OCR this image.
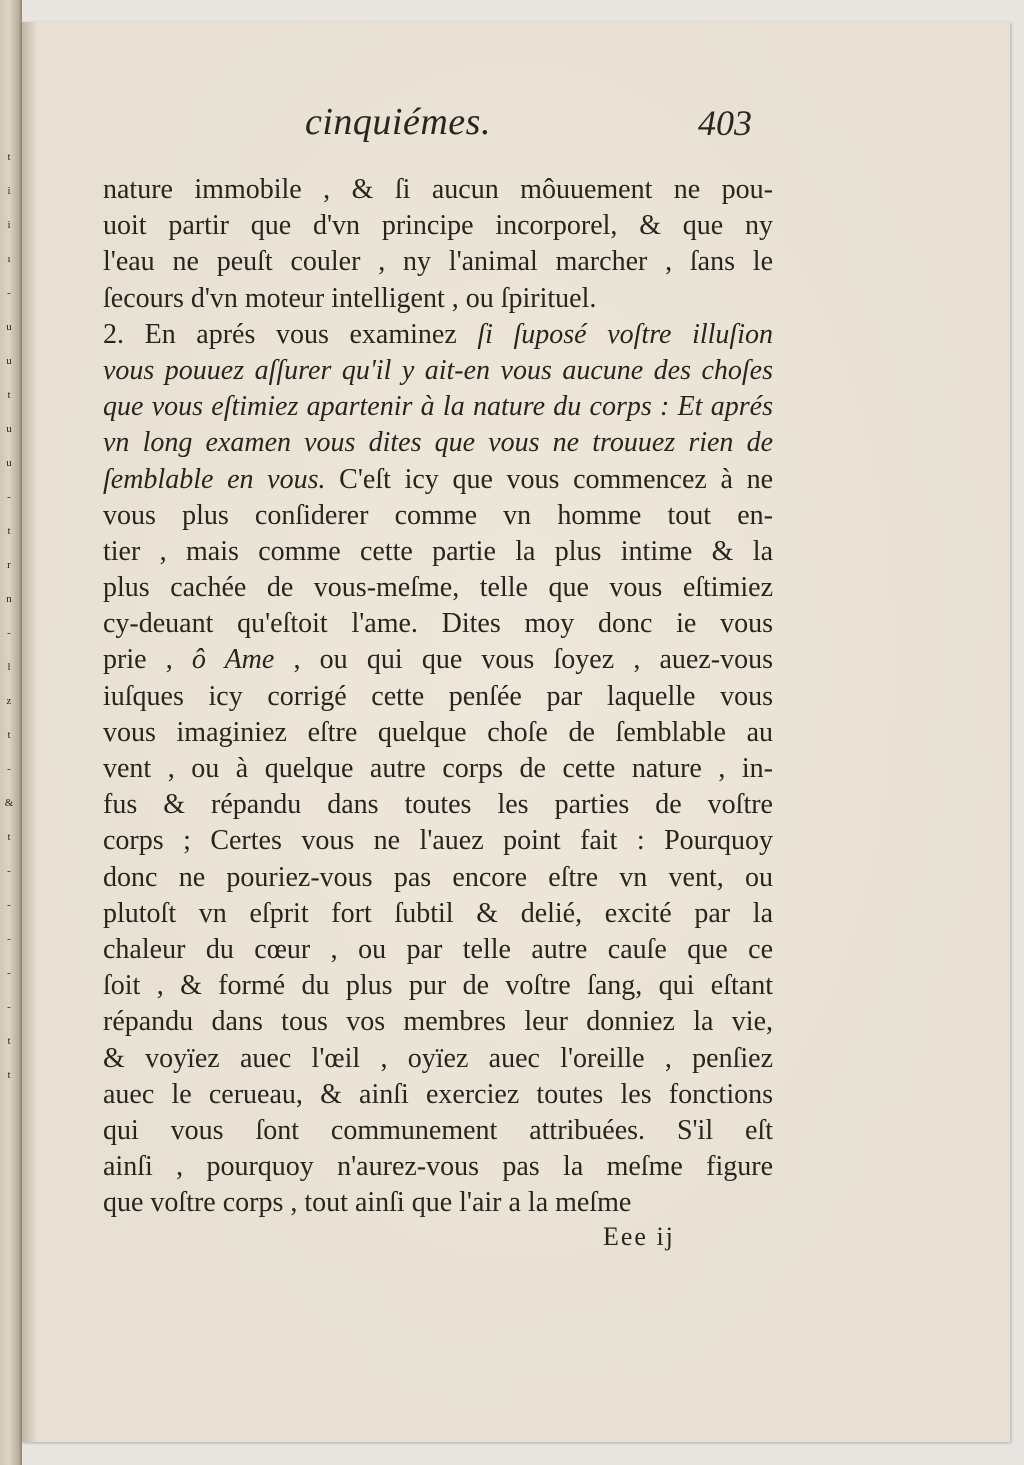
t
i
ì
ı
-
u
u
t
u
u
-
t
r
n
-
l
z
t
-
&
t
-
-
-
-
-
t
t
cinquiémes.	403
nature immobile , & ſi aucun môuuement ne pou-
uoit partir que d'vn principe incorporel, & que ny
l'eau ne peuſt couler , ny l'animal marcher , ſans le
ſecours d'vn moteur intelligent , ou ſpirituel.
2. En aprés vous examinez ſi ſuposé voſtre illuſion
vous pouuez aſſurer qu'il y ait-en vous aucune des choſes
que vous eſtimiez apartenir à la nature du corps : Et aprés
vn long examen vous dites que vous ne trouuez rien de
ſemblable en vous. C'eſt icy que vous commencez à ne
vous plus conſiderer comme vn homme tout en-
tier , mais comme cette partie la plus intime & la
plus cachée de vous-meſme, telle que vous eſtimiez
cy-deuant qu'eſtoit l'ame. Dites moy donc ie vous
prie , ô Ame , ou qui que vous ſoyez , auez-vous
iuſques icy corrigé cette penſée par laquelle vous
vous imaginiez eſtre quelque choſe de ſemblable au
vent , ou à quelque autre corps de cette nature , in-
fus & répandu dans toutes les parties de voſtre
corps ; Certes vous ne l'auez point fait : Pourquoy
donc ne pouriez-vous pas encore eſtre vn vent, ou
plutoſt vn eſprit fort ſubtil & delié, excité par la
chaleur du cœur , ou par telle autre cauſe que ce
ſoit , & formé du plus pur de voſtre ſang, qui eſtant
répandu dans tous vos membres leur donniez la vie,
& voyïez auec l'œil , oyïez auec l'oreille , penſiez
auec le cerueau, & ainſi exerciez toutes les fonctions
qui vous ſont communement attribuées. S'il eſt
ainſi , pourquoy n'aurez-vous pas la meſme figure
que voſtre corps , tout ainſi que l'air a la meſme
Eee ij
